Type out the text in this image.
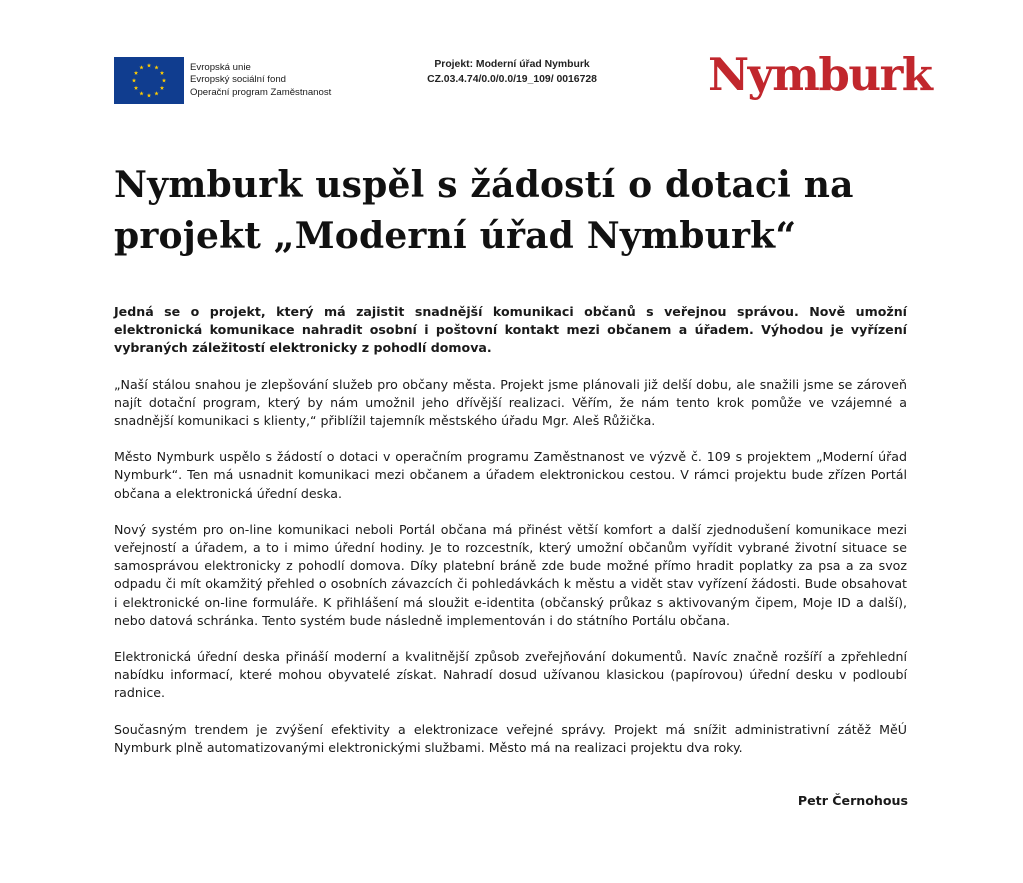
Evropská unie
Evropský sociální fond
Operační program Zaměstnanost
Projekt: Moderní úřad Nymburk
CZ.03.4.74/0.0/0.0/19_109/ 0016728	Nymburk
Nymburk uspěl s žádostí o dotaci na
projekt „Moderní úřad Nymburk“

Jedná se o projekt, který má zajistit snadnější komunikaci občanů s veřejnou správou. Nově umožní elektronická komunikace nahradit osobní i poštovní kontakt mezi občanem a úřadem. Výhodou je vyřízení vybraných záležitostí elektronicky z pohodlí domova.

„Naší stálou snahou je zlepšování služeb pro občany města. Projekt jsme plánovali již delší dobu, ale snažili jsme se zároveň najít dotační program, který by nám umožnil jeho dřívější realizaci. Věřím, že nám tento krok pomůže ve vzájemné a snadnější komunikaci s klienty,“ přiblížil tajemník městského úřadu Mgr. Aleš Růžička.

Město Nymburk uspělo s žádostí o dotaci v operačním programu Zaměstnanost ve výzvě č. 109 s projektem „Moderní úřad Nymburk“. Ten má usnadnit komunikaci mezi občanem a úřadem elektronickou cestou. V rámci projektu bude zřízen Portál občana a elektronická úřední deska.

Nový systém pro on-line komunikaci neboli Portál občana má přinést větší komfort a další zjednodušení komunikace mezi veřejností a úřadem, a to i mimo úřední hodiny. Je to rozcestník, který umožní občanům vyřídit vybrané životní situace se samosprávou elektronicky z pohodlí domova. Díky platební bráně zde bude možné přímo hradit poplatky za psa a za svoz odpadu či mít okamžitý přehled o osobních závazcích či pohledávkách k městu a vidět stav vyřízení žádosti. Bude obsahovat i elektronické on-line formuláře. K přihlášení má sloužit e-identita (občanský průkaz s aktivovaným čipem, Moje ID a další), nebo datová schránka. Tento systém bude následně implementován i do státního Portálu občana.

Elektronická úřední deska přináší moderní a kvalitnější způsob zveřejňování dokumentů. Navíc značně rozšíří a zpřehlední nabídku informací, které mohou obyvatelé získat. Nahradí dosud užívanou klasickou (papírovou) úřední desku v podloubí radnice.

Současným trendem je zvýšení efektivity a elektronizace veřejné správy. Projekt má snížit administrativní zátěž MěÚ Nymburk plně automatizovanými elektronickými službami. Město má na realizaci projektu dva roky.

Petr Černohous
